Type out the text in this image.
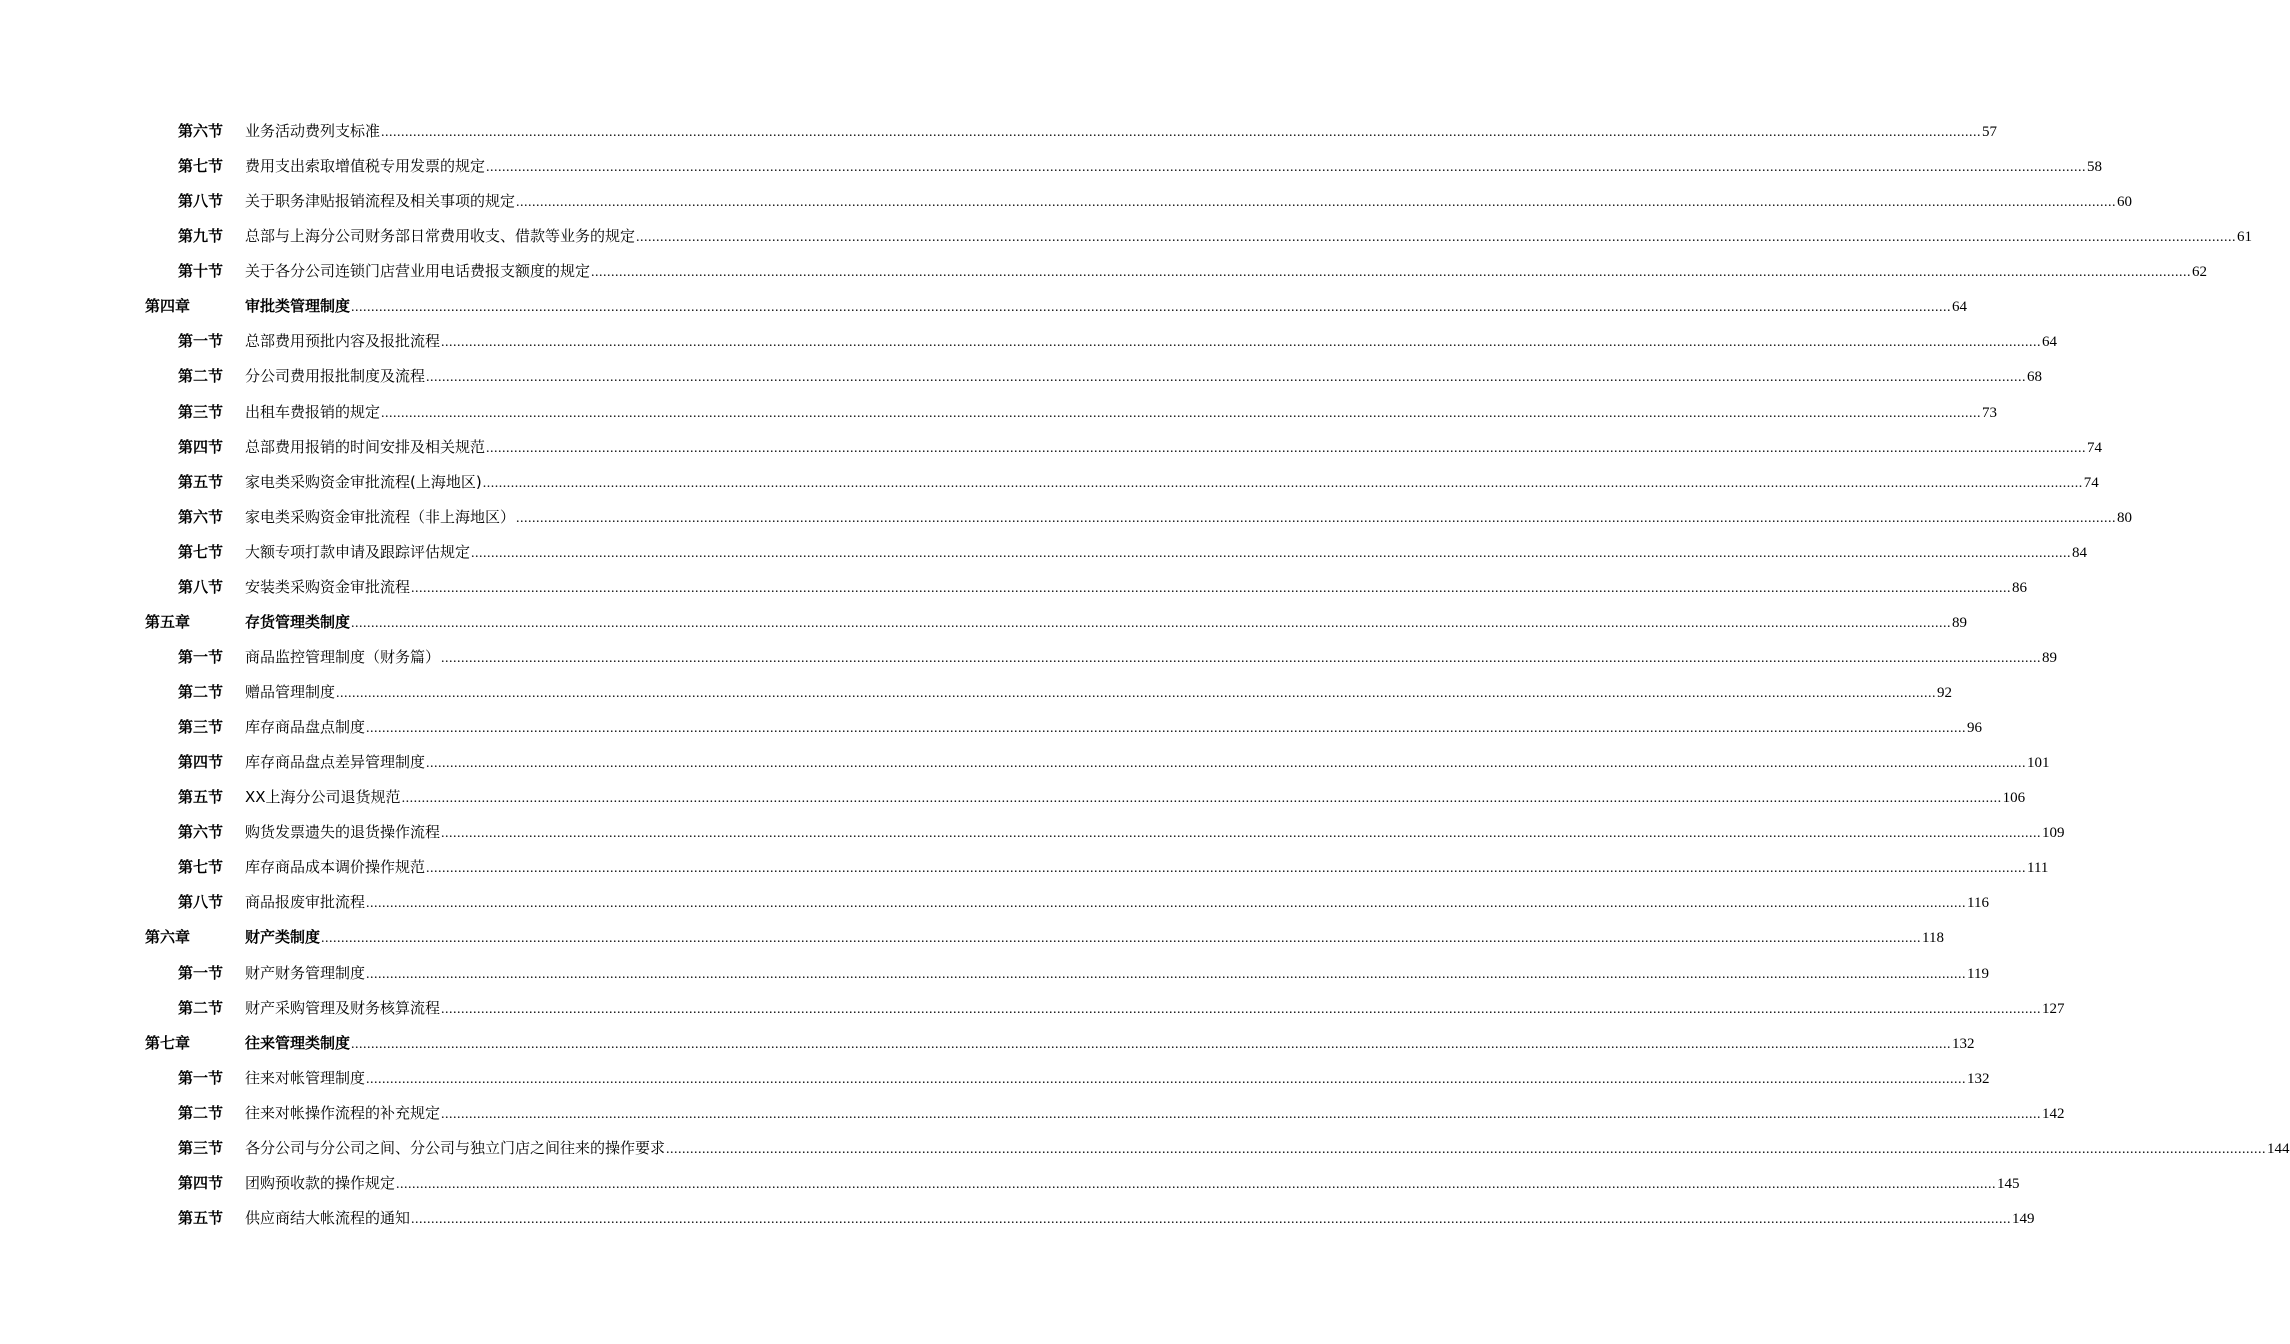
第六节 业务活动费列支标准 ................................................................................................................................................................................................................................................................................................................................................................................................................ 57
第七节 费用支出索取增值税专用发票的规定 ................................................................................................................................................................................................................................................................................................................................................................................................................ 58
第八节 关于职务津贴报销流程及相关事项的规定 ................................................................................................................................................................................................................................................................................................................................................................................................................ 60
第九节 总部与上海分公司财务部日常费用收支、借款等业务的规定 ................................................................................................................................................................................................................................................................................................................................................................................................................ 61
第十节 关于各分公司连锁门店营业用电话费报支额度的规定 ................................................................................................................................................................................................................................................................................................................................................................................................................ 62
第四章	审批类管理制度 ................................................................................................................................................................................................................................................................................................................................................................................................................ 64
第一节 总部费用预批内容及报批流程 ................................................................................................................................................................................................................................................................................................................................................................................................................ 64
第二节 分公司费用报批制度及流程 ................................................................................................................................................................................................................................................................................................................................................................................................................ 68
第三节 出租车费报销的规定 ................................................................................................................................................................................................................................................................................................................................................................................................................ 73
第四节 总部费用报销的时间安排及相关规范 ................................................................................................................................................................................................................................................................................................................................................................................................................ 74
第五节 家电类采购资金审批流程(上海地区) ................................................................................................................................................................................................................................................................................................................................................................................................................ 74
第六节 家电类采购资金审批流程（非上海地区） ................................................................................................................................................................................................................................................................................................................................................................................................................ 80
第七节 大额专项打款申请及跟踪评估规定 ................................................................................................................................................................................................................................................................................................................................................................................................................ 84
第八节 安装类采购资金审批流程 ................................................................................................................................................................................................................................................................................................................................................................................................................ 86
第五章	存货管理类制度 ................................................................................................................................................................................................................................................................................................................................................................................................................ 89
第一节 商品监控管理制度（财务篇） ................................................................................................................................................................................................................................................................................................................................................................................................................ 89
第二节 赠品管理制度 ................................................................................................................................................................................................................................................................................................................................................................................................................ 92
第三节 库存商品盘点制度 ................................................................................................................................................................................................................................................................................................................................................................................................................ 96
第四节 库存商品盘点差异管理制度 ................................................................................................................................................................................................................................................................................................................................................................................................................ 101
第五节 XX上海分公司退货规范 ................................................................................................................................................................................................................................................................................................................................................................................................................ 106
第六节 购货发票遗失的退货操作流程 ................................................................................................................................................................................................................................................................................................................................................................................................................ 109
第七节 库存商品成本调价操作规范 ................................................................................................................................................................................................................................................................................................................................................................................................................ 111
第八节 商品报废审批流程 ................................................................................................................................................................................................................................................................................................................................................................................................................ 116
第六章	财产类制度 ................................................................................................................................................................................................................................................................................................................................................................................................................ 118
第一节 财产财务管理制度 ................................................................................................................................................................................................................................................................................................................................................................................................................ 119
第二节 财产采购管理及财务核算流程 ................................................................................................................................................................................................................................................................................................................................................................................................................ 127
第七章	往来管理类制度 ................................................................................................................................................................................................................................................................................................................................................................................................................ 132
第一节 往来对帐管理制度 ................................................................................................................................................................................................................................................................................................................................................................................................................ 132
第二节 往来对帐操作流程的补充规定 ................................................................................................................................................................................................................................................................................................................................................................................................................ 142
第三节 各分公司与分公司之间、分公司与独立门店之间往来的操作要求 ................................................................................................................................................................................................................................................................................................................................................................................................................ 144
第四节 团购预收款的操作规定 ................................................................................................................................................................................................................................................................................................................................................................................................................ 145
第五节 供应商结大帐流程的通知 ................................................................................................................................................................................................................................................................................................................................................................................................................ 149
